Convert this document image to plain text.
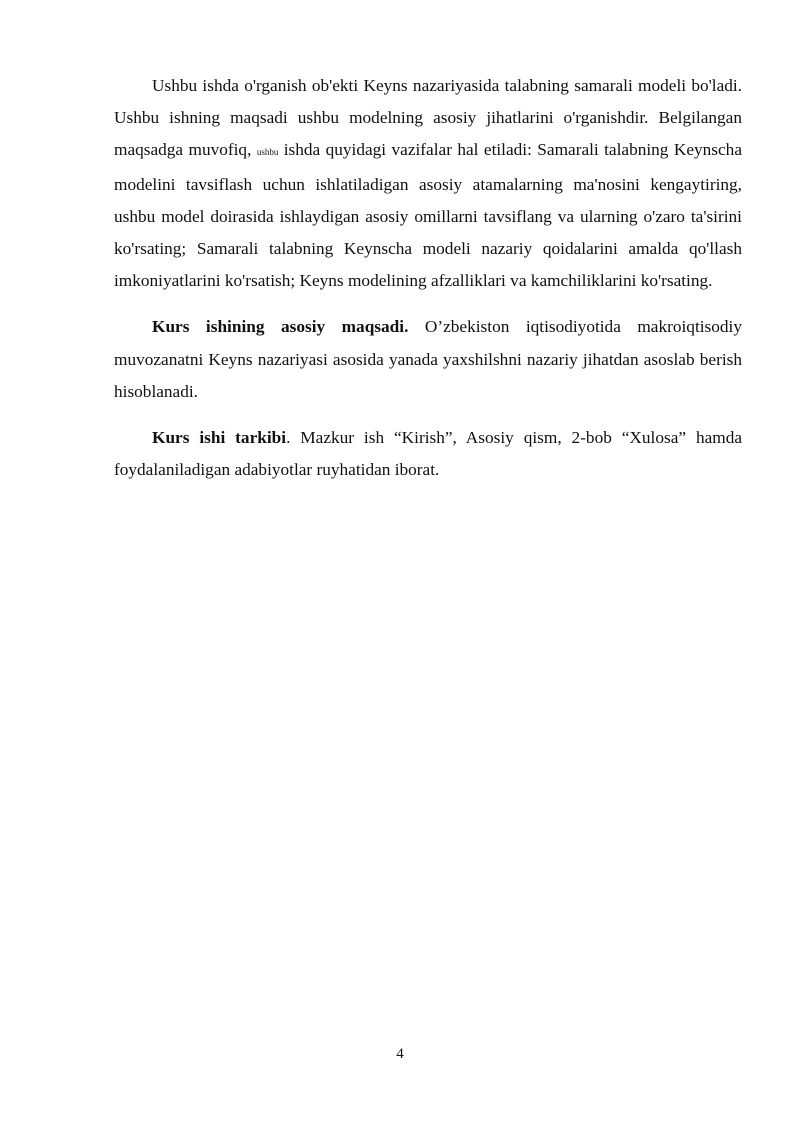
Ushbu ishda o'rganish ob'ekti Keyns nazariyasida talabning samarali modeli bo'ladi. Ushbu ishning maqsadi ushbu modelning asosiy jihatlarini o'rganishdir. Belgilangan maqsadga muvofiq, ushbu ishda quyidagi vazifalar hal etiladi: Samarali talabning Keynscha modelini tavsiflash uchun ishlatiladigan asosiy atamalarning ma'nosini kengaytiring, ushbu model doirasida ishlaydigan asosiy omillarni tavsiflang va ularning o'zaro ta'sirini ko'rsating; Samarali talabning Keynscha modeli nazariy qoidalarini amalda qo'llash imkoniyatlarini ko'rsatish; Keyns modelining afzalliklari va kamchiliklarini ko'rsating.

Kurs ishining asosiy maqsadi. O’zbekiston iqtisodiyotida makroiqtisodiy muvozanatni Keyns nazariyasi asosida yanada yaxshilshni nazariy jihatdan asoslab berish hisoblanadi.

Kurs ishi tarkibi. Mazkur ish “Kirish”, Asosiy qism, 2-bob “Xulosa” hamda foydalaniladigan adabiyotlar ruyhatidan iborat.

4
